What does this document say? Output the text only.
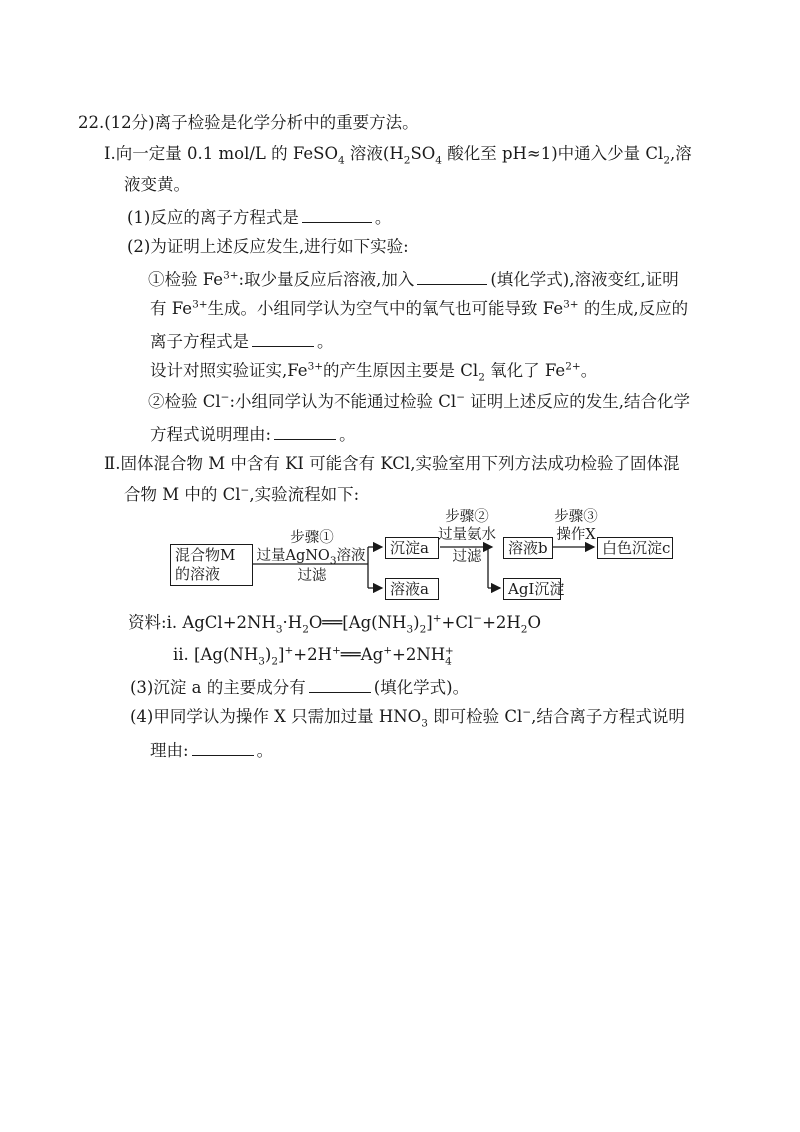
22.(12分)离子检验是化学分析中的重要方法。
Ⅰ.向一定量 0.1 mol/L 的 FeSO$_4$ 溶液($H_2SO_4$ 酸化至 pH≈1)中通入少量 $Cl_2$,溶
液变黄。
(1)反应的离子方程式是	。
(2)为证明上述反应发生,进行如下实验:
①检验 $Fe^{3+}$:取少量反应后溶液,加入	(填化学式),溶液变红,证明
有 $Fe^{3+}$生成。小组同学认为空气中的氧气也可能导致 $Fe^{3+}$ 的生成,反应的
离子方程式是	。
设计对照实验证实$,Fe^{3+}$的产生原因主要是 $Cl_2$ 氧化了 $Fe^{2+}$。
②检验 Cl−:小组同学认为不能通过检验 Cl− 证明上述反应的发生,结合化学
方程式说明理由:	。
Ⅱ.固体混合物 M 中含有 KI 可能含有 KCl,实验室用下列方法成功检验了固体混
合物 M 中的 Cl−,实验流程如下:
混合物M
的溶液
步骤①
过量AgNO$_3$溶液
过滤
沉淀a
溶液a
步骤②
过量氨水
过滤	溶液b
AgI沉淀
步骤③
操作X
白色沉淀c
资料:ⅰ. $AgCl+2NH_3\cdot H_2O══[Ag(NH_3)_2]^++Cl^-+2H_2O$
ⅱ. $[Ag(NH_3)_2]^++2H^+══Ag^++2NH_4^+$
(3)沉淀 a 的主要成分有	(填化学式)。
(4)甲同学认为操作 X 只需加过量 $HNO_3$ 即可检验 Cl−,结合离子方程式说明
理由:	。
